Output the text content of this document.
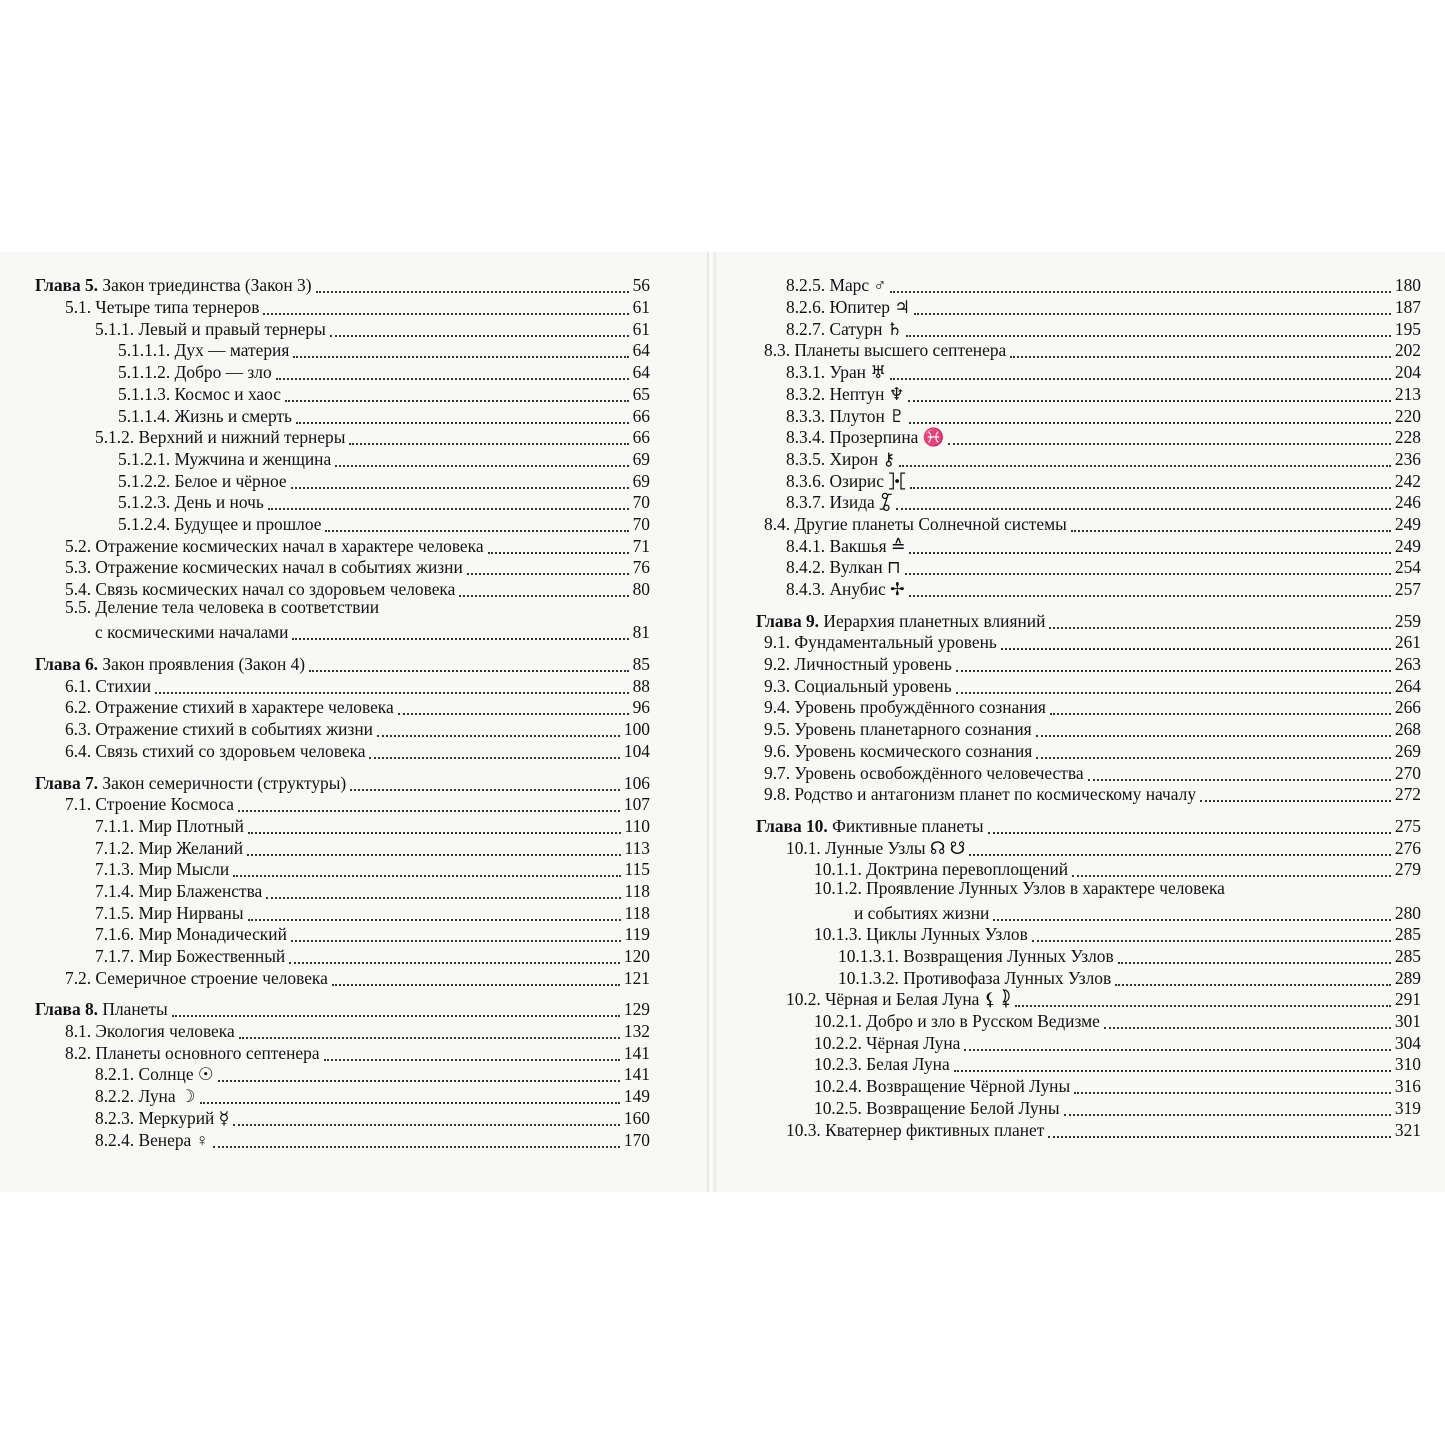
Глава 5. Закон триединства (Закон 3)	56
5.1. Четыре типа тернеров	61
5.1.1. Левый и правый тернеры	61
5.1.1.1. Дух — материя	64
5.1.1.2. Добро — зло	64
5.1.1.3. Космос и хаос	65
5.1.1.4. Жизнь и смерть	66
5.1.2. Верхний и нижний тернеры	66
5.1.2.1. Мужчина и женщина	69
5.1.2.2. Белое и чёрное	69
5.1.2.3. День и ночь	70
5.1.2.4. Будущее и прошлое	70
5.2. Отражение космических начал в характере человека	71
5.3. Отражение космических начал в событиях жизни	76
5.4. Связь космических начал со здоровьем человека	80
5.5. Деление тела человека в соответствии
с космическими началами	81
Глава 6. Закон проявления (Закон 4)	85
6.1. Стихии	88
6.2. Отражение стихий в характере человека	96
6.3. Отражение стихий в событиях жизни	100
6.4. Связь стихий со здоровьем человека	104
Глава 7. Закон семеричности (структуры)	106
7.1. Строение Космоса	107
7.1.1. Мир Плотный	110
7.1.2. Мир Желаний	113
7.1.3. Мир Мысли	115
7.1.4. Мир Блаженства	118
7.1.5. Мир Нирваны	118
7.1.6. Мир Монадический	119
7.1.7. Мир Божественный	120
7.2. Семеричное строение человека	121
Глава 8. Планеты	129
8.1. Экология человека	132
8.2. Планеты основного септенера	141
8.2.1. Солнце ☉	141
8.2.2. Луна ☽	149
8.2.3. Меркурий ☿	160
8.2.4. Венера ♀	170
8.2.5. Марс ♂	180
8.2.6. Юпитер ♃	187
8.2.7. Сатурн ♄	195
8.3. Планеты высшего септенера	202
8.3.1. Уран ♅	204
8.3.2. Нептун ♆	213
8.3.3. Плутон ♇	220
8.3.4. Прозерпина ♓	228
8.3.5. Хирон ⚷	236
8.3.6. Озирис ⯘	242
8.3.7. Изида ⯙	246
8.4. Другие планеты Солнечной системы	249
8.4.1. Вакшья ≙	249
8.4.2. Вулкан ⊓	254
8.4.3. Анубис ✢	257
Глава 9. Иерархия планетных влияний	259
9.1. Фундаментальный уровень	261
9.2. Личностный уровень	263
9.3. Социальный уровень	264
9.4. Уровень пробуждённого сознания	266
9.5. Уровень планетарного сознания	268
9.6. Уровень космического сознания	269
9.7. Уровень освобождённого человечества	270
9.8. Родство и антагонизм планет по космическому началу	272
Глава 10. Фиктивные планеты	275
10.1. Лунные Узлы ☊ ☋	276
10.1.1. Доктрина перевоплощений	279
10.1.2. Проявление Лунных Узлов в характере человека
и событиях жизни	280
10.1.3. Циклы Лунных Узлов	285
10.1.3.1. Возвращения Лунных Узлов	285
10.1.3.2. Противофаза Лунных Узлов	289
10.2. Чёрная и Белая Луна ⚸ ⯝	291
10.2.1. Добро и зло в Русском Ведизме	301
10.2.2. Чёрная Луна	304
10.2.3. Белая Луна	310
10.2.4. Возвращение Чёрной Луны	316
10.2.5. Возвращение Белой Луны	319
10.3. Кватернер фиктивных планет	321
